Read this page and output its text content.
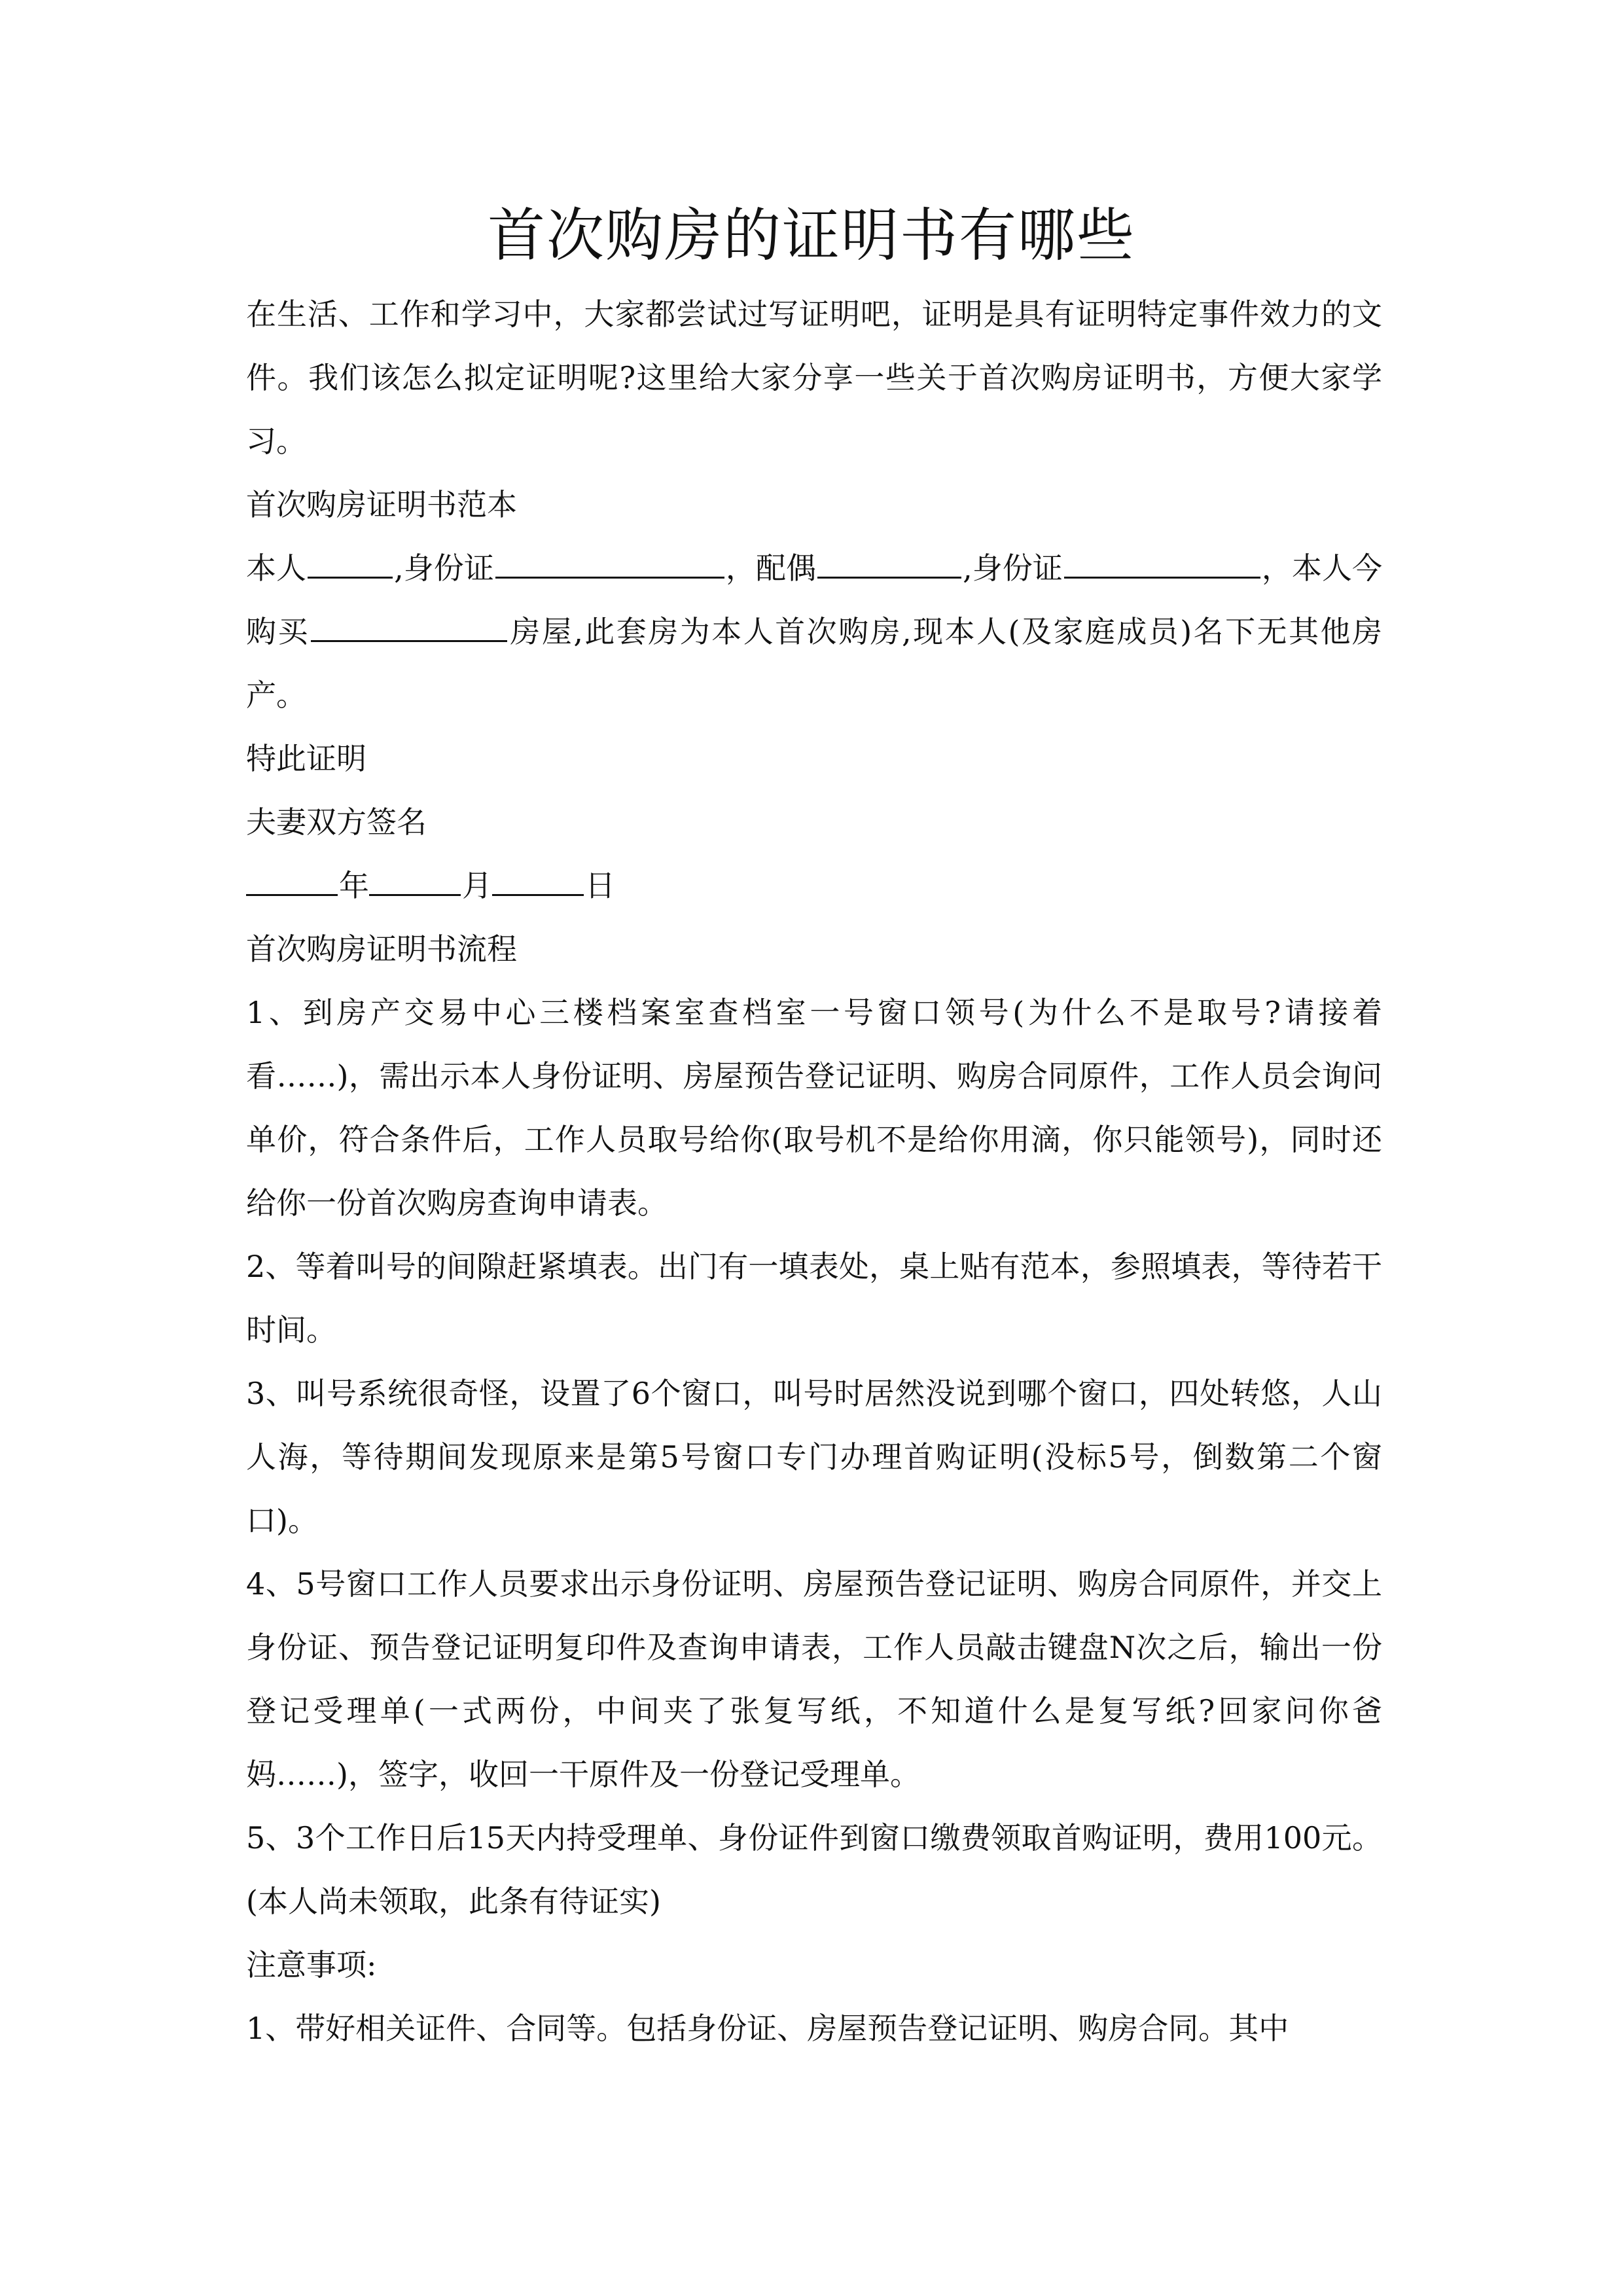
首次购房的证明书有哪些

在生活、工作和学习中，大家都尝试过写证明吧，证明是具有证明特定事件效力的文件。我们该怎么拟定证明呢?这里给大家分享一些关于首次购房证明书，方便大家学习。

首次购房证明书范本

本人	,身份证	，配偶	,身份证	，本人今购买	房屋,此套房为本人首次购房,现本人(及家庭成员)名下无其他房产。

特此证明

夫妻双方签名

年	月	日

首次购房证明书流程

1、到房产交易中心三楼档案室查档室一号窗口领号(为什么不是取号?请接着看……)，需出示本人身份证明、房屋预告登记证明、购房合同原件，工作人员会询问单价，符合条件后，工作人员取号给你(取号机不是给你用滴，你只能领号)，同时还给你一份首次购房查询申请表。

2、等着叫号的间隙赶紧填表。出门有一填表处，桌上贴有范本，参照填表，等待若干时间。

3、叫号系统很奇怪，设置了6个窗口，叫号时居然没说到哪个窗口，四处转悠，人山人海，等待期间发现原来是第5号窗口专门办理首购证明(没标5号，倒数第二个窗口)。

4、5号窗口工作人员要求出示身份证明、房屋预告登记证明、购房合同原件，并交上身份证、预告登记证明复印件及查询申请表，工作人员敲击键盘N次之后，输出一份登记受理单(一式两份，中间夹了张复写纸，不知道什么是复写纸?回家问你爸妈……)，签字，收回一干原件及一份登记受理单。

5、3个工作日后15天内持受理单、身份证件到窗口缴费领取首购证明，费用100元。(本人尚未领取，此条有待证实)

注意事项:

1、带好相关证件、合同等。包括身份证、房屋预告登记证明、购房合同。其中
